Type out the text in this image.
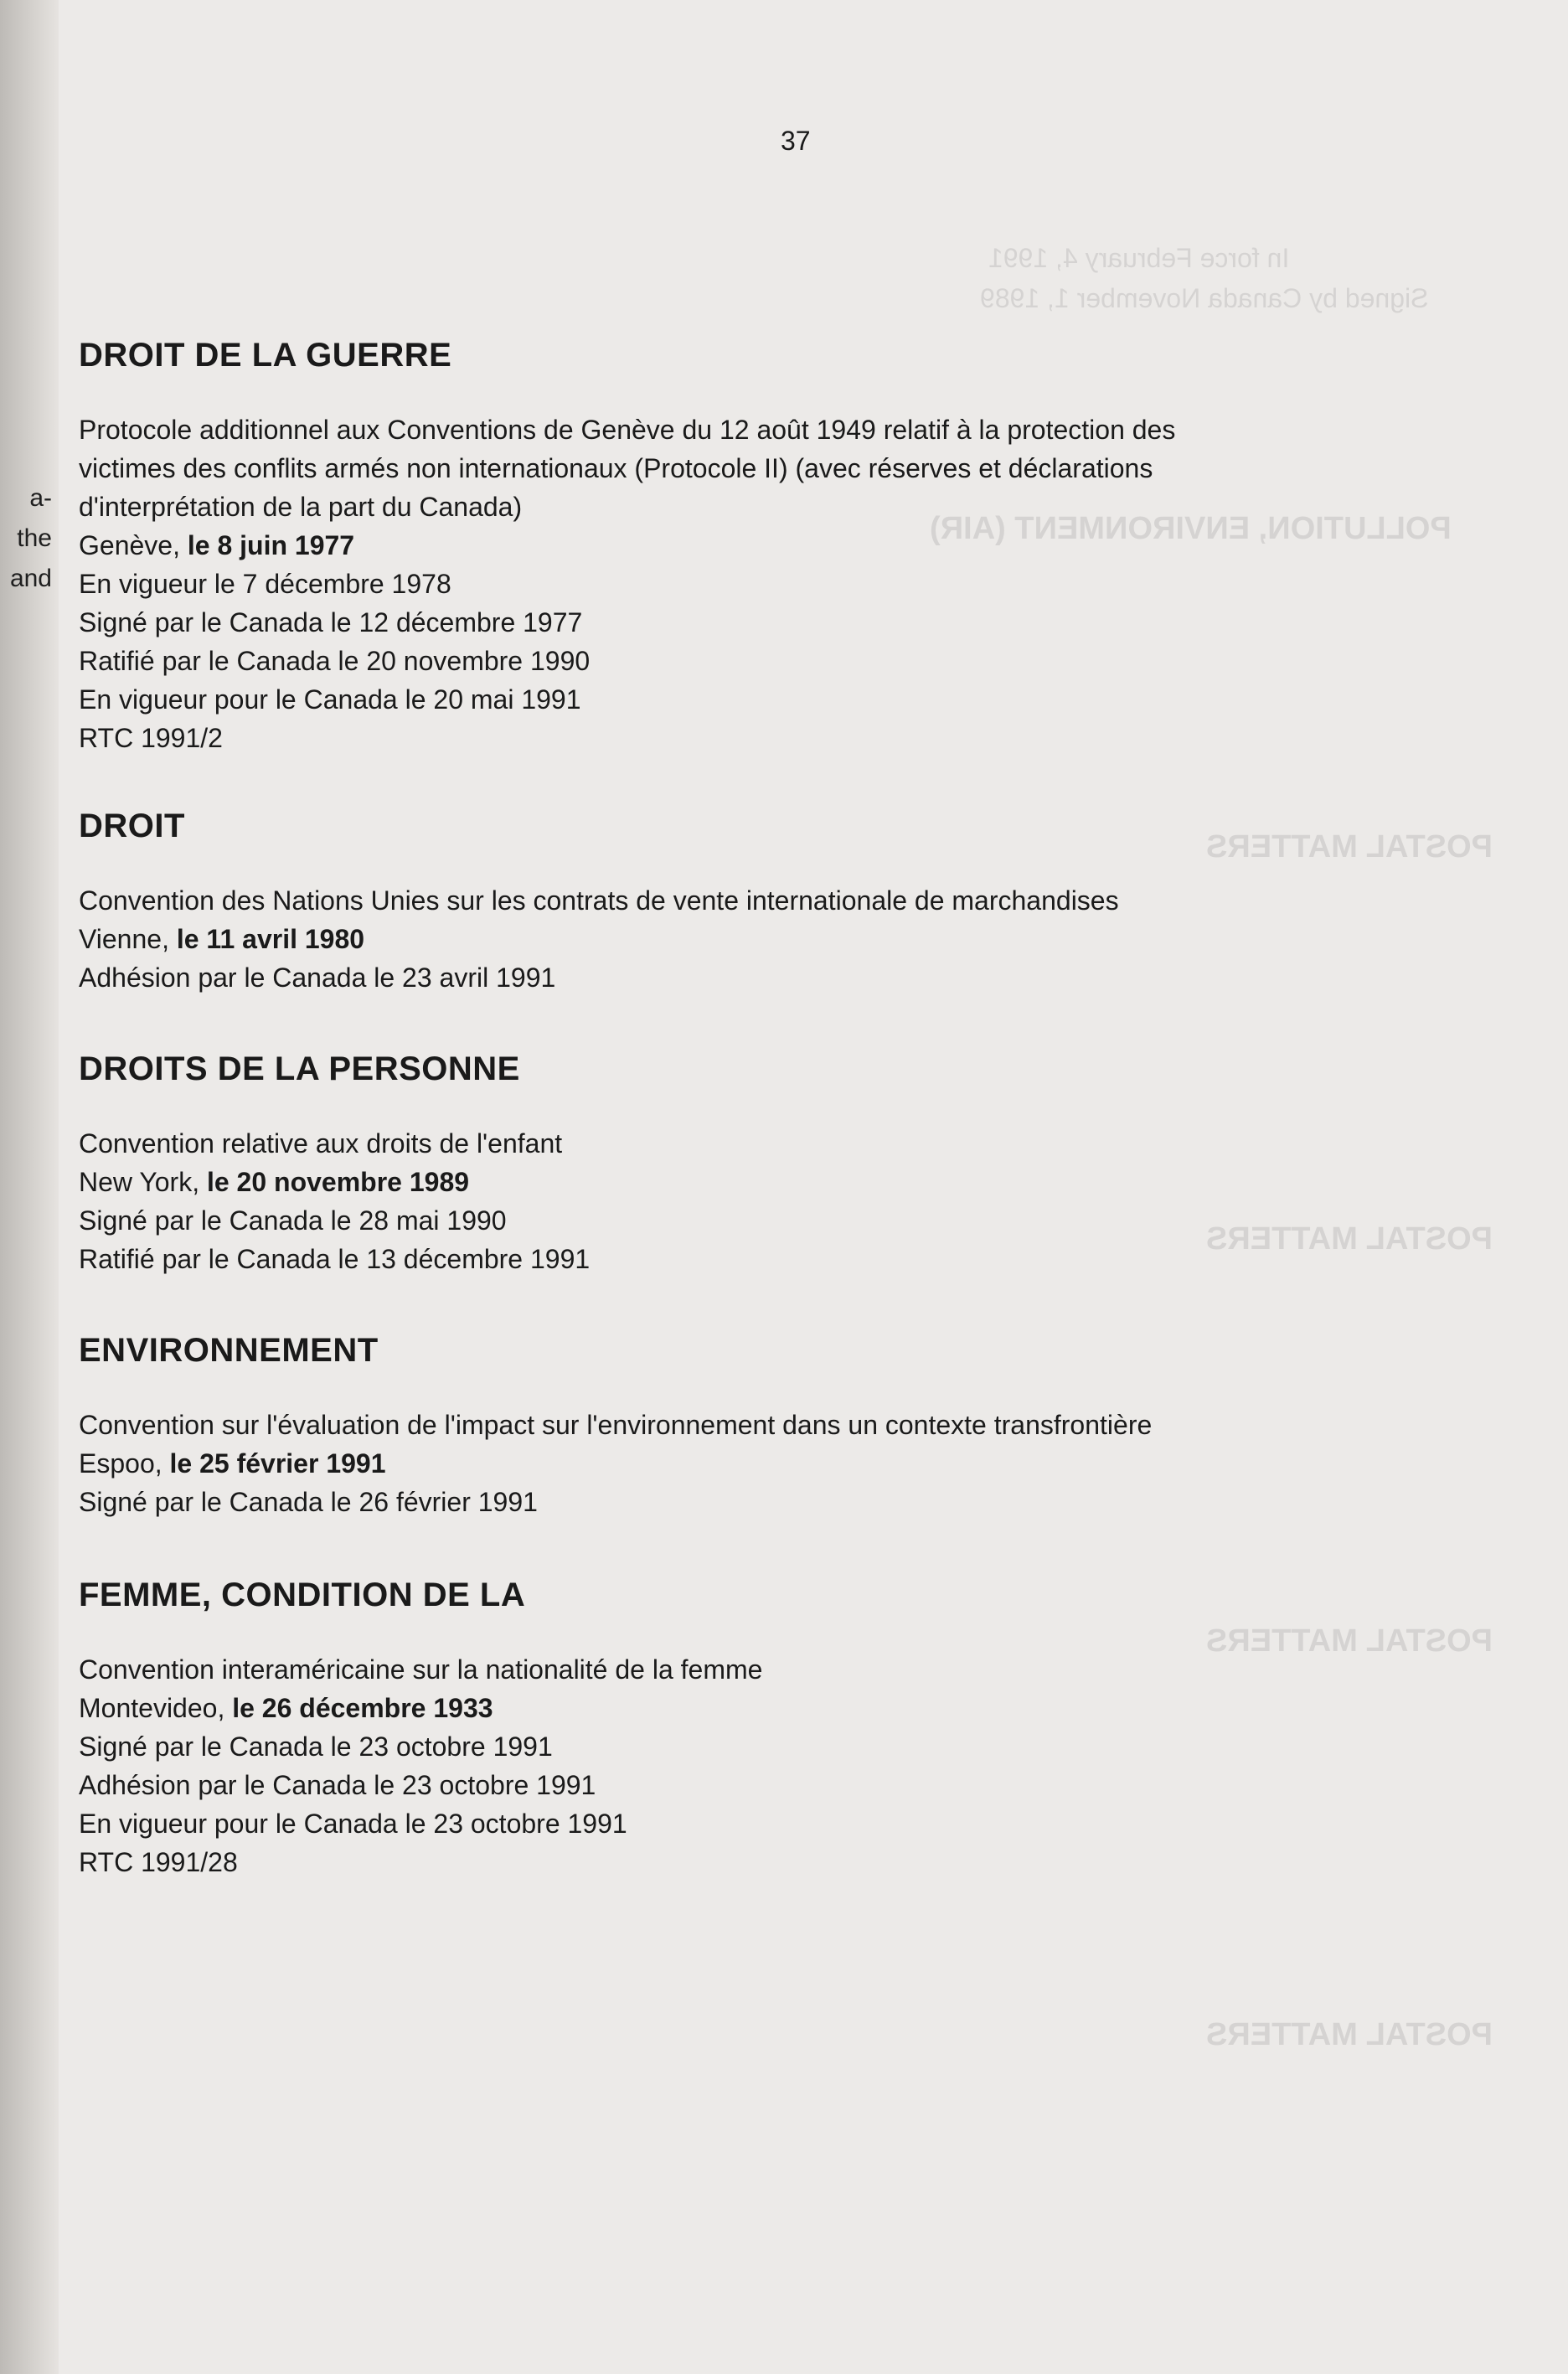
a-
the
and
In force February 4, 1991
Signed by Canada November 1, 1989
POLLUTION, ENVIRONMENT (AIR)
POSTAL MATTERS
POSTAL MATTERS
POSTAL MATTERS
POSTAL MATTERS
37
DROIT DE LA GUERRE
Protocole additionnel aux Conventions de Genève du 12 août 1949 relatif à la protection des
victimes des conflits armés non internationaux (Protocole II) (avec réserves et déclarations
d'interprétation de la part du Canada)
Genève, le 8 juin 1977
En vigueur le 7 décembre 1978
Signé par le Canada le 12 décembre 1977
Ratifié par le Canada le 20 novembre 1990
En vigueur pour le Canada le 20 mai 1991
RTC 1991/2
DROIT
Convention des Nations Unies sur les contrats de vente internationale de marchandises
Vienne, le 11 avril 1980
Adhésion par le Canada le 23 avril 1991
DROITS DE LA PERSONNE
Convention relative aux droits de l'enfant
New York, le 20 novembre 1989
Signé par le Canada le 28 mai 1990
Ratifié par le Canada le 13 décembre 1991
ENVIRONNEMENT
Convention sur l'évaluation de l'impact sur l'environnement dans un contexte transfrontière
Espoo, le 25 février 1991
Signé par le Canada le 26 février 1991
FEMME, CONDITION DE LA
Convention interaméricaine sur la nationalité de la femme
Montevideo, le 26 décembre 1933
Signé par le Canada le 23 octobre 1991
Adhésion par le Canada le 23 octobre 1991
En vigueur pour le Canada le 23 octobre 1991
RTC 1991/28
